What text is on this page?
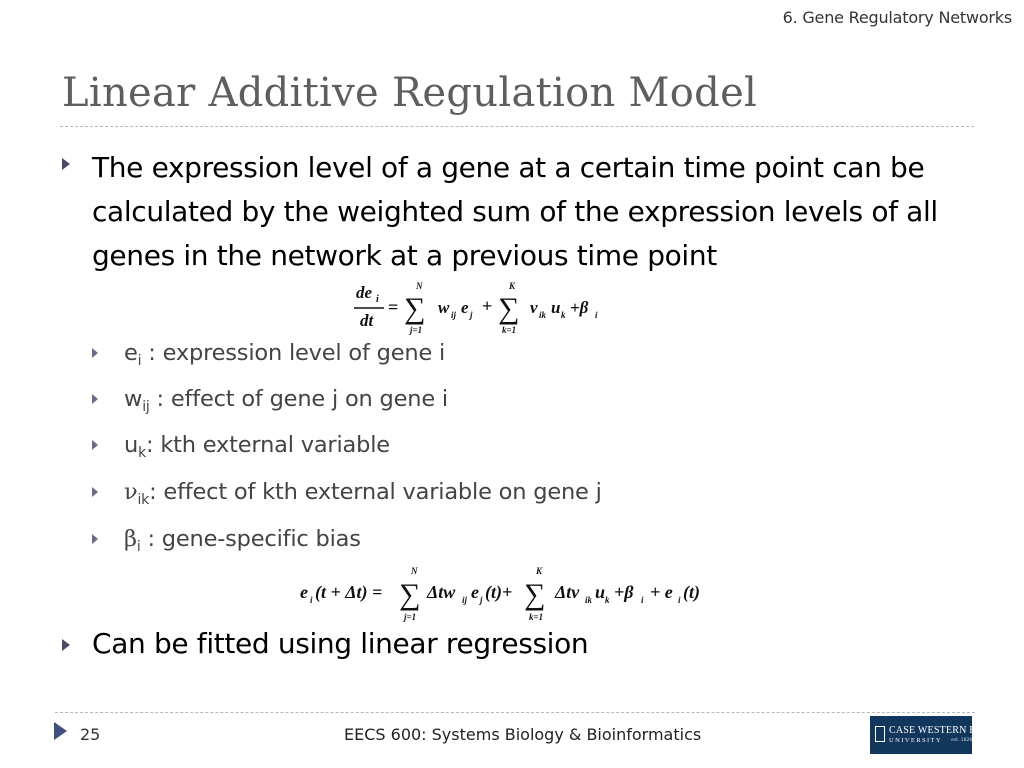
6. Gene Regulatory Networks
Linear Additive Regulation Model
The expression level of a gene at a certain time point can be calculated by the weighted sum of the expression levels of all genes in the network at a previous time point
de i
dt
=
N
∑
j=1
w ij e j +
K
∑
k=1
v ik u k +β i
$e_i$ : expression level of gene i
$w_{ij}$ : effect of gene j on gene i
$u_k$: kth external variable
$\nu_{ik}$: effect of kth external variable on gene j
$\beta_i$ : gene-specific bias
e i (t + Δt) =
N
∑
j=1
Δtw ij e j (t)+
K
∑
k=1
Δtv ik u k +β i + e i (t)
Can be fitted using linear regression
25	EECS 600: Systems Biology & Bioinformatics	CASE WESTERN RESERVE
UNIVERSITY est. 1826
